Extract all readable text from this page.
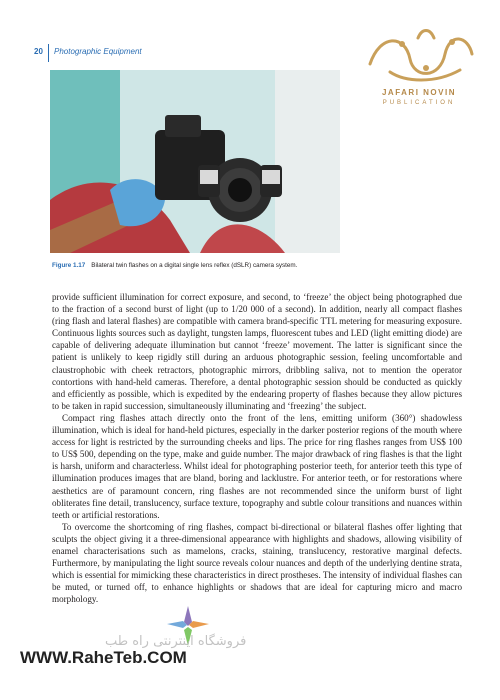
20 Photographic Equipment
JAFARI NOVIN
PUBLICATION
Figure 1.17 Bilateral twin flashes on a digital single lens reflex (dSLR) camera system.

provide sufficient illumination for correct exposure, and second, to ‘freeze’ the object being photographed due to the fraction of a second burst of light (up to 1/20 000 of a second). In addition, nearly all compact flashes (ring flash and lateral flashes) are compatible with camera brand-specific TTL metering for measuring exposure. Continuous lights sources such as daylight, tungsten lamps, fluorescent tubes and LED (light emitting diode) are capable of delivering adequate illumination but cannot ‘freeze’ movement. The latter is significant since the patient is unlikely to keep rigidly still during an arduous photographic session, feeling uncomfortable and claustrophobic with cheek retractors, photographic mirrors, dribbling saliva, not to mention the operator contortions with hand-held cameras. Therefore, a dental photographic session should be conducted as quickly and efficiently as possible, which is expedited by the endearing property of flashes because they allow pictures to be taken in rapid succession, simultaneously illuminating and ‘freezing’ the subject.

Compact ring flashes attach directly onto the front of the lens, emitting uniform (360°) shadowless illumination, which is ideal for hand-held pictures, especially in the darker posterior regions of the mouth where access for light is restricted by the surrounding cheeks and lips. The price for ring flashes ranges from US$ 100 to US$ 500, depending on the type, make and guide number. The major drawback of ring flashes is that the light is harsh, uniform and characterless. Whilst ideal for photographing posterior teeth, for anterior teeth this type of illumination produces images that are bland, boring and lacklustre. For anterior teeth, or for restorations where aesthetics are of paramount concern, ring flashes are not recommended since the uniform burst of light obliterates fine detail, translucency, surface texture, topography and subtle colour transitions and nuances within teeth or artificial restorations.

To overcome the shortcoming of ring flashes, compact bi-directional or bilateral flashes offer lighting that sculpts the object giving it a three-dimensional appearance with highlights and shadows, allowing visibility of enamel characterisations such as mamelons, cracks, staining, translucency, restorative marginal defects. Furthermore, by manipulating the light source reveals colour nuances and depth of the underlying dentine strata, which is essential for mimicking these characteristics in direct prostheses. The intensity of individual flashes can be muted, or turned off, to enhance highlights or shadows that are ideal for capturing micro and macro morphology.

فروشگاه اینترنتی راه طب
WWW.RaheTeb.COM
